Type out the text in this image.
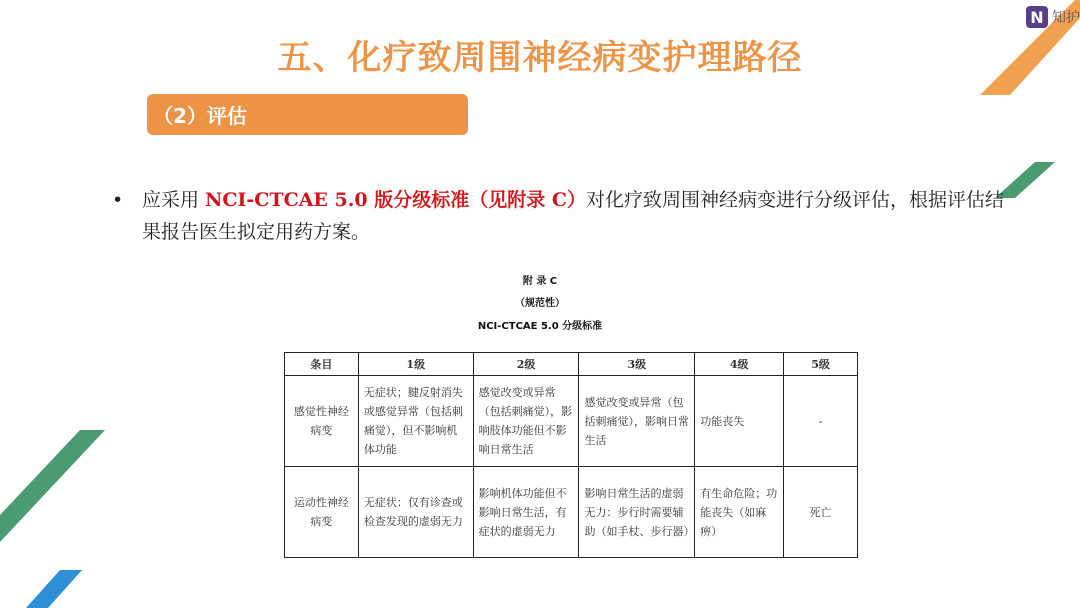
N 知护
五、化疗致周围神经病变护理路径
（2）评估
• 应采用 NCI-CTCAE 5.0 版分级标准（见附录 C）对化疗致周围神经病变进行分级评估，根据评估结果报告医生拟定用药方案。
附 录 C
（规范性）
NCI-CTCAE 5.0 分级标准
条目	1级	2级	3级	4级	5级
感觉性神经病变	无症状；腱反射消失或感觉异常（包括刺痛觉），但不影响机体功能	感觉改变或异常（包括刺痛觉），影响肢体功能但不影响日常生活	感觉改变或异常（包括刺痛觉），影响日常生活	功能丧失	-
运动性神经病变	无症状：仅有诊查或检查发现的虚弱无力	影响机体功能但不影响日常生活，有症状的虚弱无力	影响日常生活的虚弱无力：步行时需要辅助（如手杖、步行器）	有生命危险；功能丧失（如麻痹）	死亡
